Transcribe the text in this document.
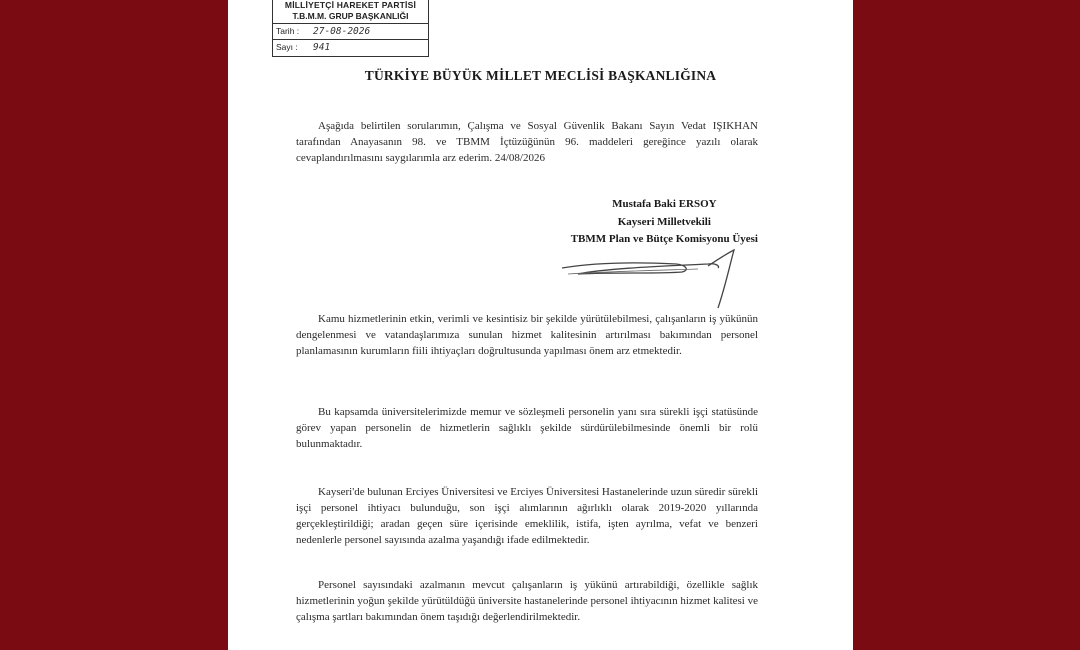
MİLLİYETÇİ HAREKET PARTİSİ
T.B.M.M. GRUP BAŞKANLIĞI
Tarih : 27-08-2026
Sayı : 941
TÜRKİYE BÜYÜK MİLLET MECLİSİ BAŞKANLIĞINA
Aşağıda belirtilen sorularımın, Çalışma ve Sosyal Güvenlik Bakanı Sayın Vedat IŞIKHAN tarafından Anayasanın 98. ve TBMM İçtüzüğünün 96. maddeleri gereğince yazılı olarak cevaplandırılmasını saygılarımla arz ederim. 24/08/2026
Mustafa Baki ERSOY
Kayseri Milletvekili
TBMM Plan ve Bütçe Komisyonu Üyesi
Kamu hizmetlerinin etkin, verimli ve kesintisiz bir şekilde yürütülebilmesi, çalışanların iş yükünün dengelenmesi ve vatandaşlarımıza sunulan hizmet kalitesinin artırılması bakımından personel planlamasının kurumların fiili ihtiyaçları doğrultusunda yapılması önem arz etmektedir.
Bu kapsamda üniversitelerimizde memur ve sözleşmeli personelin yanı sıra sürekli işçi statüsünde görev yapan personelin de hizmetlerin sağlıklı şekilde sürdürülebilmesinde önemli bir rolü bulunmaktadır.
Kayseri'de bulunan Erciyes Üniversitesi ve Erciyes Üniversitesi Hastanelerinde uzun süredir sürekli işçi personel ihtiyacı bulunduğu, son işçi alımlarının ağırlıklı olarak 2019-2020 yıllarında gerçekleştirildiği; aradan geçen süre içerisinde emeklilik, istifa, işten ayrılma, vefat ve benzeri nedenlerle personel sayısında azalma yaşandığı ifade edilmektedir.
Personel sayısındaki azalmanın mevcut çalışanların iş yükünü artırabildiği, özellikle sağlık hizmetlerinin yoğun şekilde yürütüldüğü üniversite hastanelerinde personel ihtiyacının hizmet kalitesi ve çalışma şartları bakımından önem taşıdığı değerlendirilmektedir.
